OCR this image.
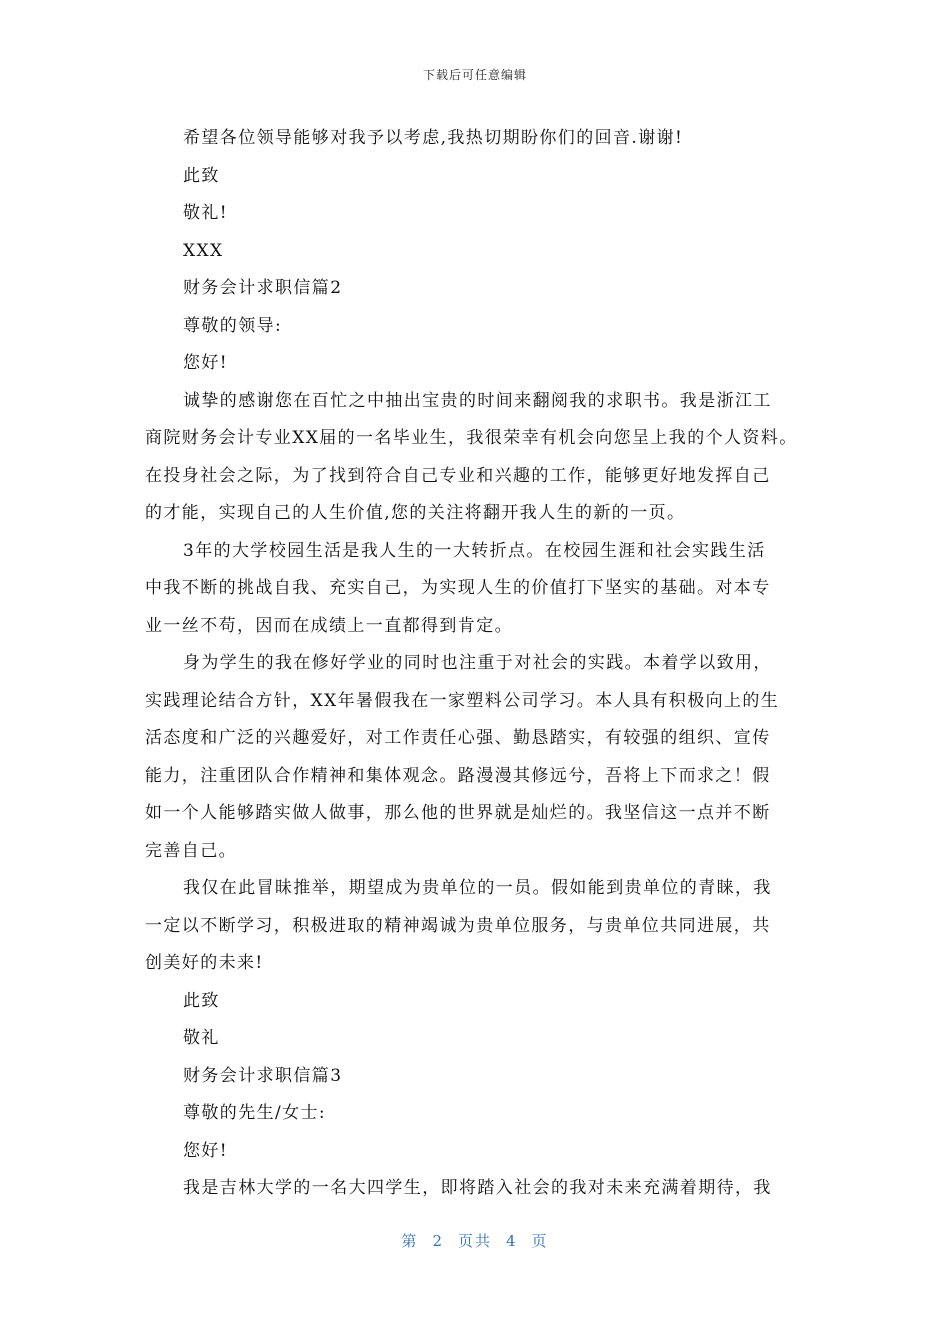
下载后可任意编辑
希望各位领导能够对我予以考虑,我热切期盼你们的回音.谢谢!
此致
敬礼!
XXX
财务会计求职信篇2
尊敬的领导:
您好!
诚挚的感谢您在百忙之中抽出宝贵的时间来翻阅我的求职书。我是浙江工
商院财务会计专业XX届的一名毕业生，我很荣幸有机会向您呈上我的个人资料。
在投身社会之际，为了找到符合自己专业和兴趣的工作，能够更好地发挥自己
的才能，实现自己的人生价值,您的关注将翻开我人生的新的一页。
3年的大学校园生活是我人生的一大转折点。在校园生涯和社会实践生活
中我不断的挑战自我、充实自己，为实现人生的价值打下坚实的基础。对本专
业一丝不苟，因而在成绩上一直都得到肯定。
身为学生的我在修好学业的同时也注重于对社会的实践。本着学以致用，
实践理论结合方针，XX年暑假我在一家塑料公司学习。本人具有积极向上的生
活态度和广泛的兴趣爱好，对工作责任心强、勤恳踏实，有较强的组织、宣传
能力，注重团队合作精神和集体观念。路漫漫其修远兮，吾将上下而求之！假
如一个人能够踏实做人做事，那么他的世界就是灿烂的。我坚信这一点并不断
完善自己。
我仅在此冒昧推举，期望成为贵单位的一员。假如能到贵单位的青睐，我
一定以不断学习，积极进取的精神竭诚为贵单位服务，与贵单位共同进展，共
创美好的未来!
此致
敬礼
财务会计求职信篇3
尊敬的先生/女士:
您好!
我是吉林大学的一名大四学生，即将踏入社会的我对未来充满着期待，我
第 2 页共 4 页
